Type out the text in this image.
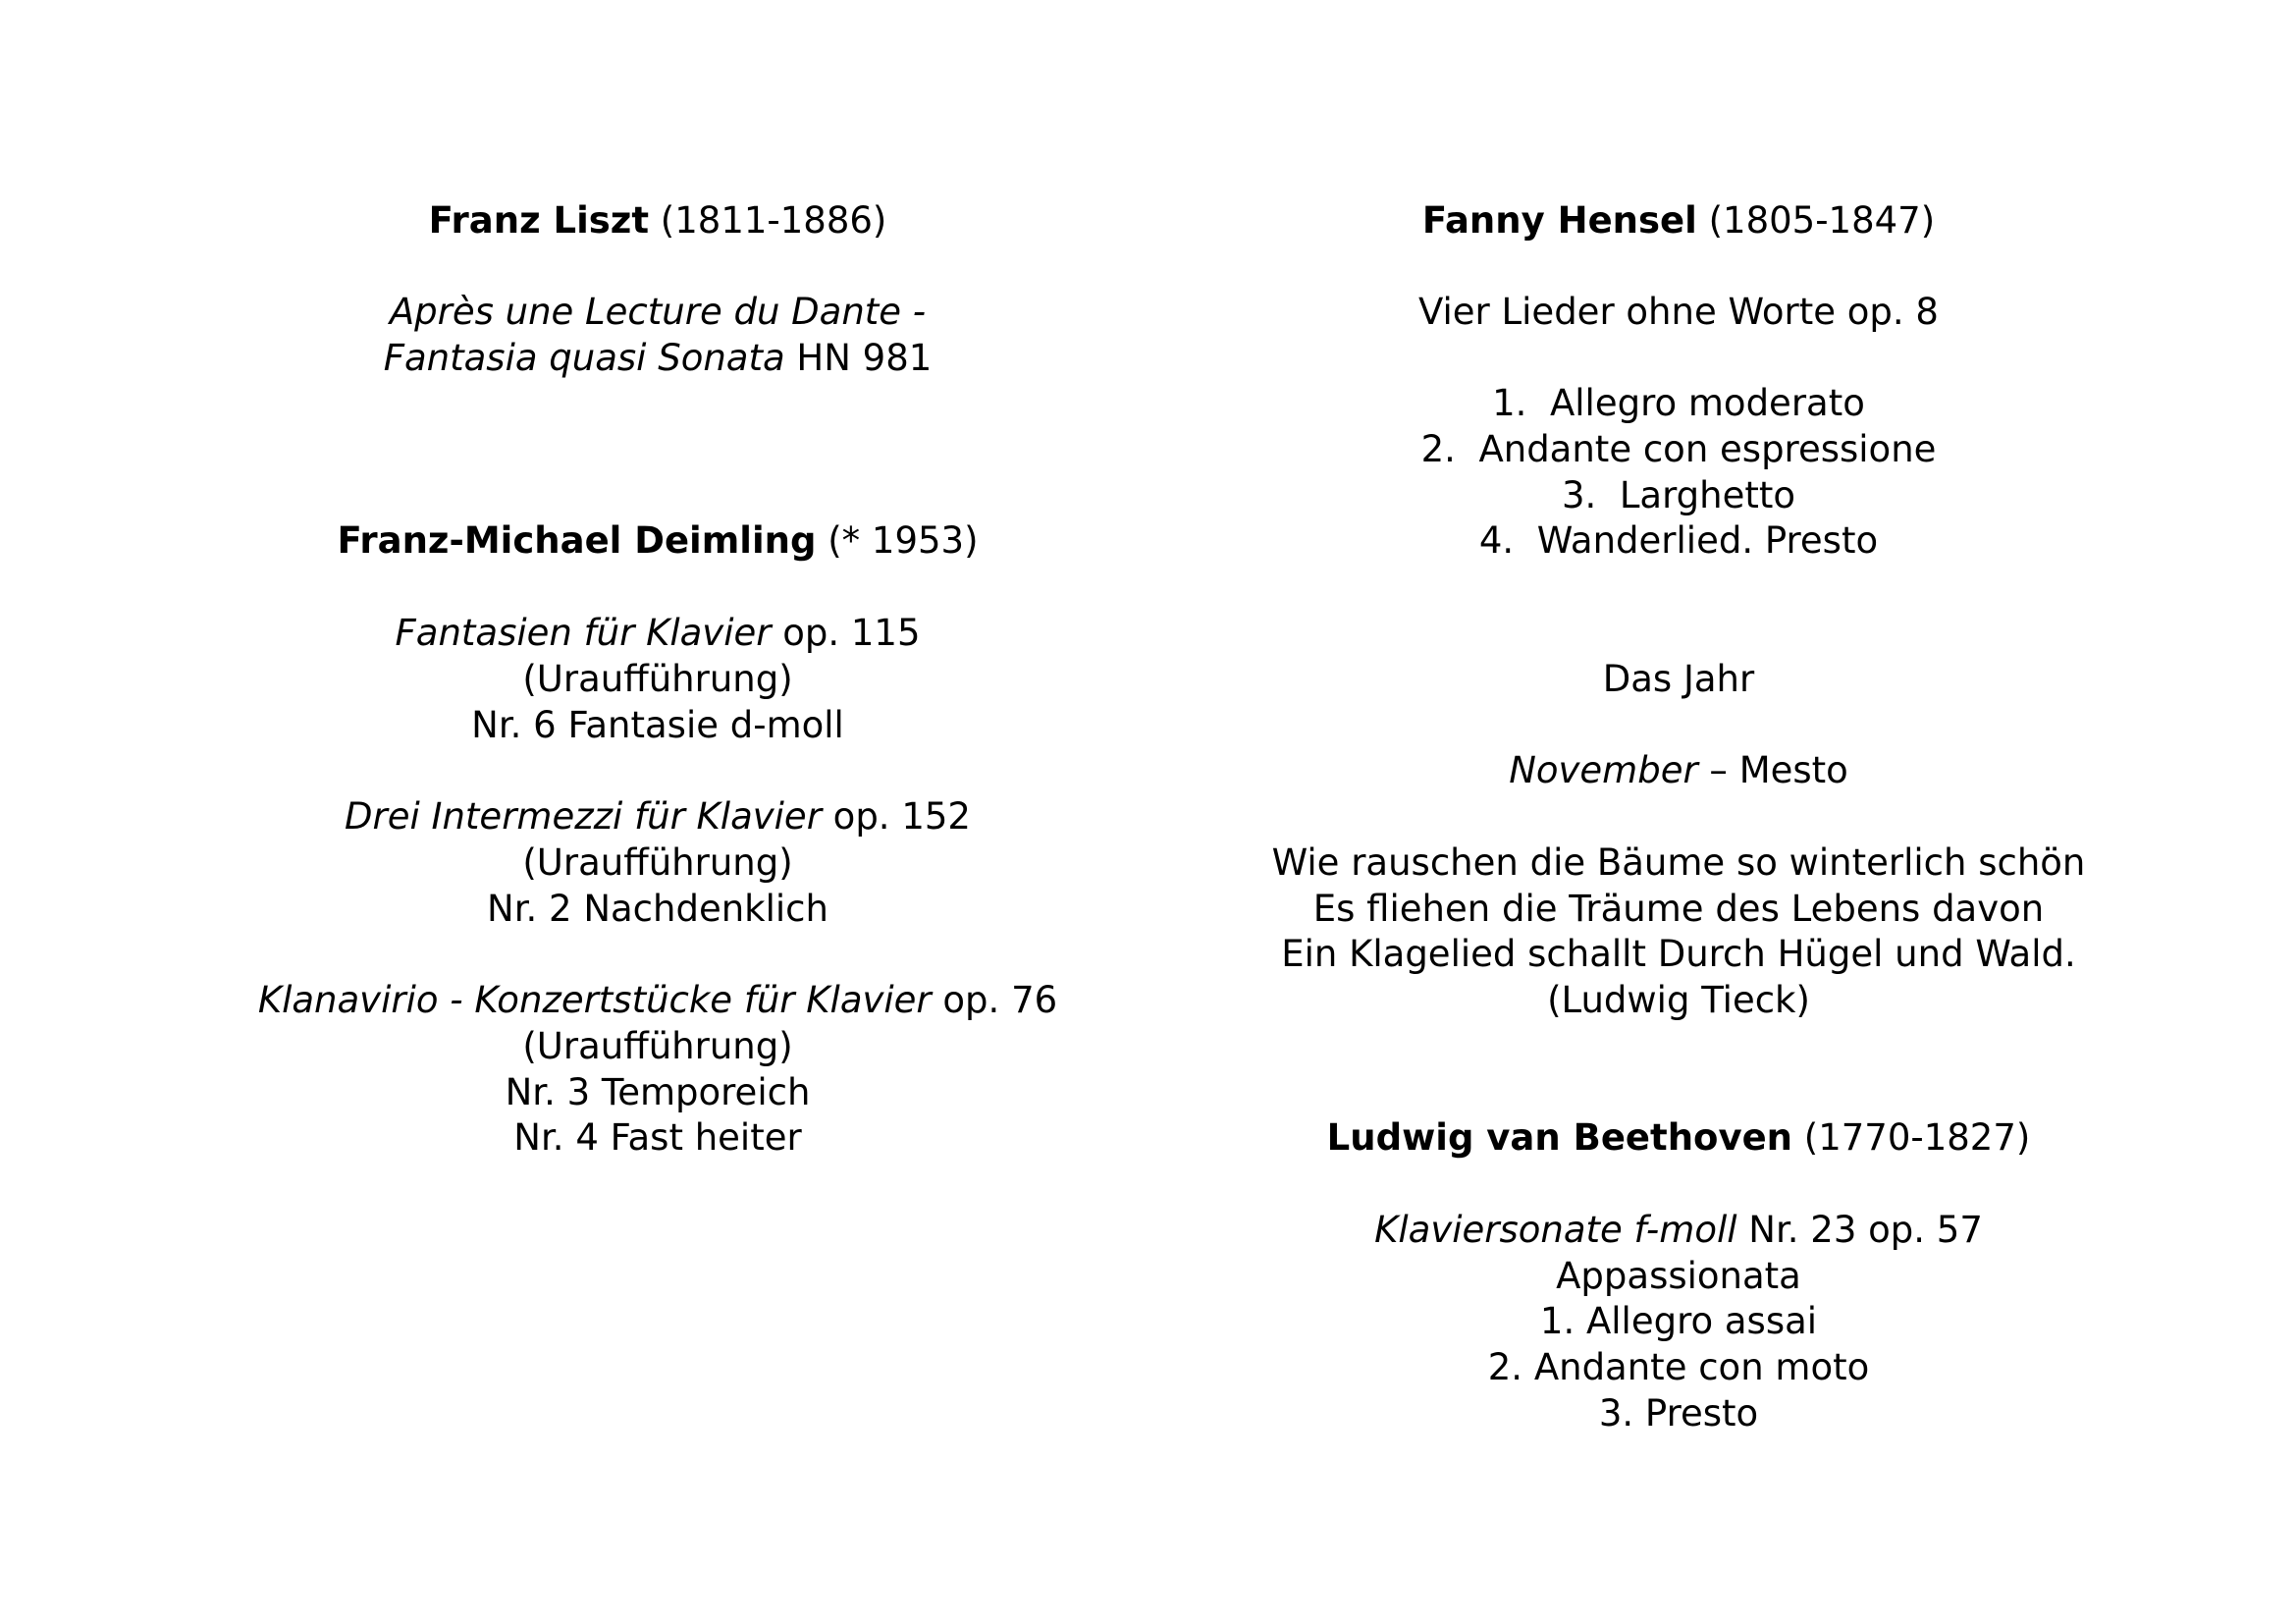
Franz Liszt (1811-1886)
Après une Lecture du Dante -
Fantasia quasi Sonata HN 981
Franz-Michael Deimling (* 1953)
Fantasien für Klavier op. 115
(Uraufführung)
Nr. 6 Fantasie d-moll
Drei Intermezzi für Klavier op. 152
(Uraufführung)
Nr. 2 Nachdenklich
Klanavirio - Konzertstücke für Klavier op. 76
(Uraufführung)
Nr. 3 Temporeich
Nr. 4 Fast heiter
Fanny Hensel (1805-1847)
Vier Lieder ohne Worte op. 8
1. Allegro moderato
2. Andante con espressione
3. Larghetto
4. Wanderlied. Presto
Das Jahr
November – Mesto
Wie rauschen die Bäume so winterlich schön
Es fliehen die Träume des Lebens davon
Ein Klagelied schallt Durch Hügel und Wald.
(Ludwig Tieck)
Ludwig van Beethoven (1770-1827)
Klaviersonate f-moll Nr. 23 op. 57
Appassionata
1. Allegro assai
2. Andante con moto
3. Presto
